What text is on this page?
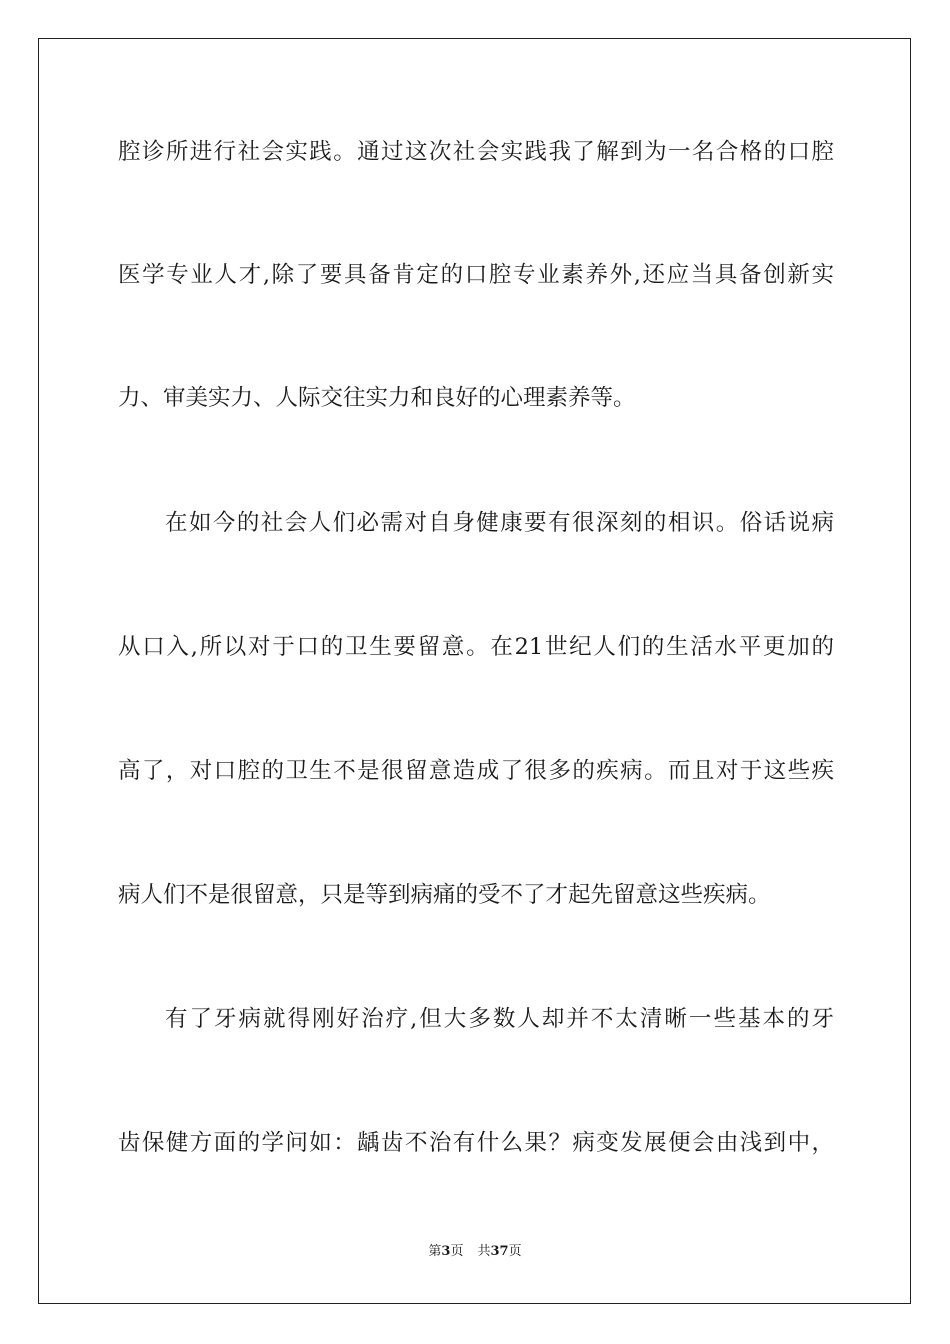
腔诊所进行社会实践。通过这次社会实践我了解到为一名合格的口腔
医学专业人才,除了要具备肯定的口腔专业素养外,还应当具备创新实
力、审美实力、人际交往实力和良好的心理素养等。
在如今的社会人们必需对自身健康要有很深刻的相识。俗话说病
从口入,所以对于口的卫生要留意。在21世纪人们的生活水平更加的
高了，对口腔的卫生不是很留意造成了很多的疾病。而且对于这些疾
病人们不是很留意，只是等到病痛的受不了才起先留意这些疾病。
有了牙病就得刚好治疗,但大多数人却并不太清晰一些基本的牙
齿保健方面的学问如：龋齿不治有什么果？病变发展便会由浅到中，
第3页 共37页
